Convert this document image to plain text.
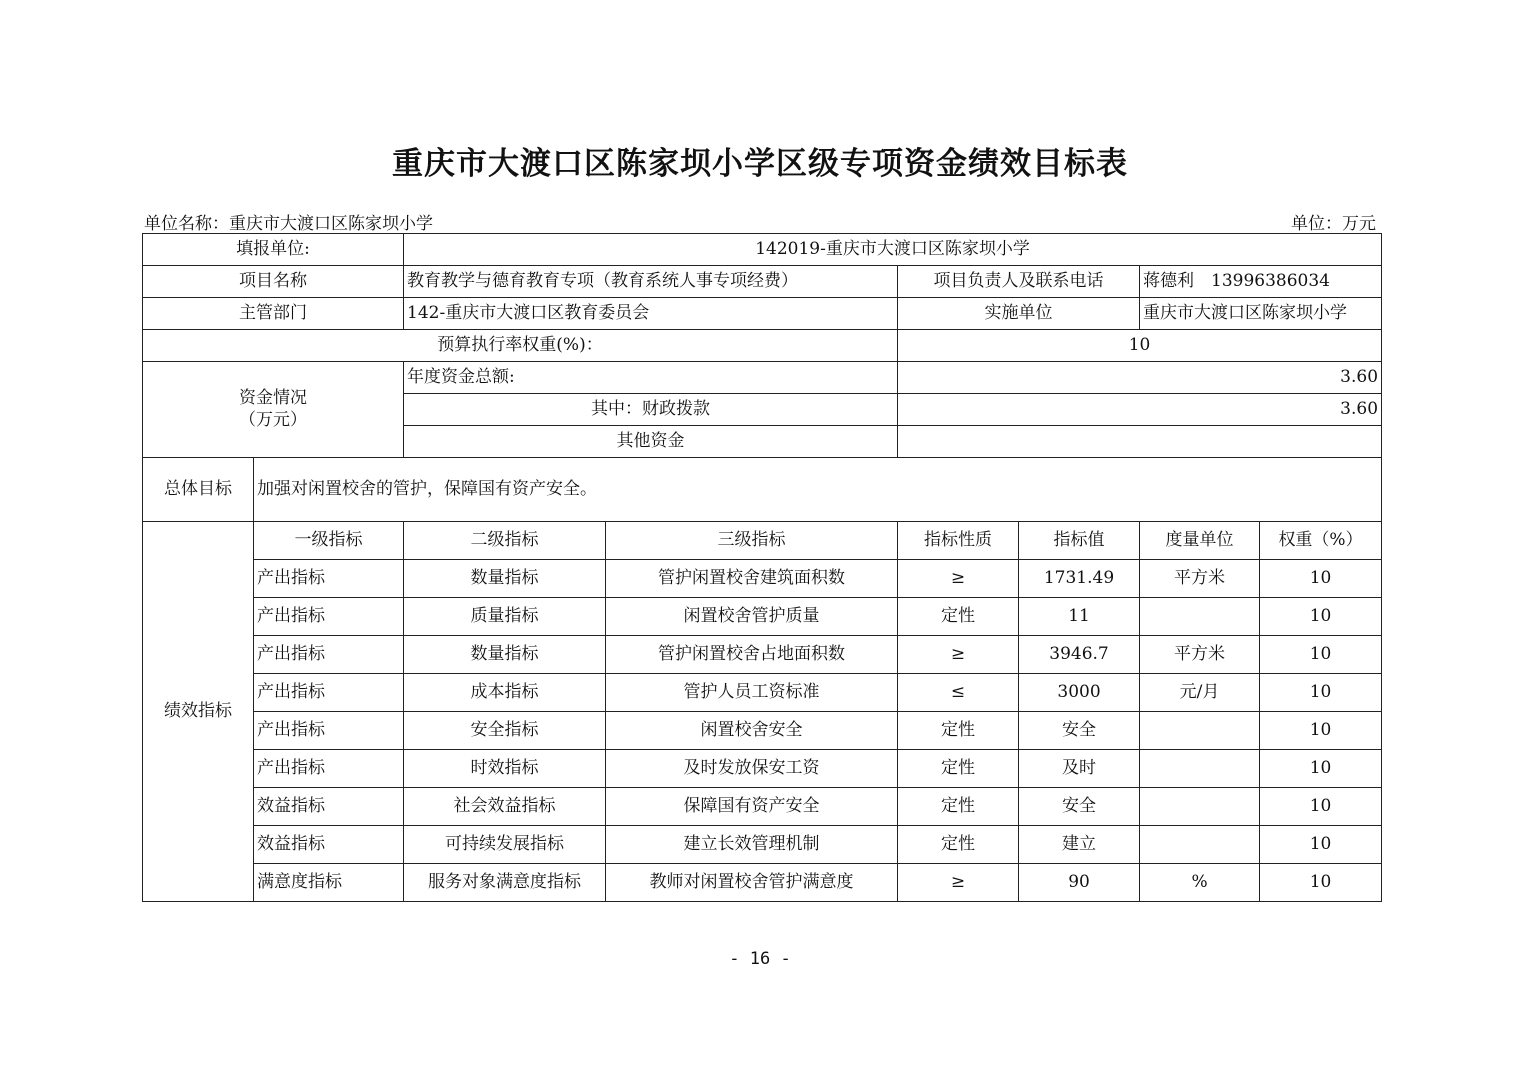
重庆市大渡口区陈家坝小学区级专项资金绩效目标表
单位名称：重庆市大渡口区陈家坝小学	单位：万元
填报单位:		142019-重庆市大渡口区陈家坝小学					
项目名称		教育教学与德育教育专项（教育系统人事专项经费）		项目负责人及联系电话		蒋德利　13996386034	
主管部门		142-重庆市大渡口区教育委员会		实施单位		重庆市大渡口区陈家坝小学	
预算执行率权重(%)：				10			
资金情况
（万元）		年度资金总额:		3.60			
		其中：财政拨款		3.60			
		其他资金					
总体目标	加强对闲置校舍的管护，保障国有资产安全。						
绩效指标	一级指标	二级指标	三级指标	指标性质	指标值	度量单位	权重（%）
	产出指标	数量指标	管护闲置校舍建筑面积数	≥	1731.49	平方米	10
	产出指标	质量指标	闲置校舍管护质量	定性	11		10
	产出指标	数量指标	管护闲置校舍占地面积数	≥	3946.7	平方米	10
	产出指标	成本指标	管护人员工资标准	≤	3000	元/月	10
	产出指标	安全指标	闲置校舍安全	定性	安全		10
	产出指标	时效指标	及时发放保安工资	定性	及时		10
	效益指标	社会效益指标	保障国有资产安全	定性	安全		10
	效益指标	可持续发展指标	建立长效管理机制	定性	建立		10
	满意度指标	服务对象满意度指标	教师对闲置校舍管护满意度	≥	90	%	10
- 16 -
